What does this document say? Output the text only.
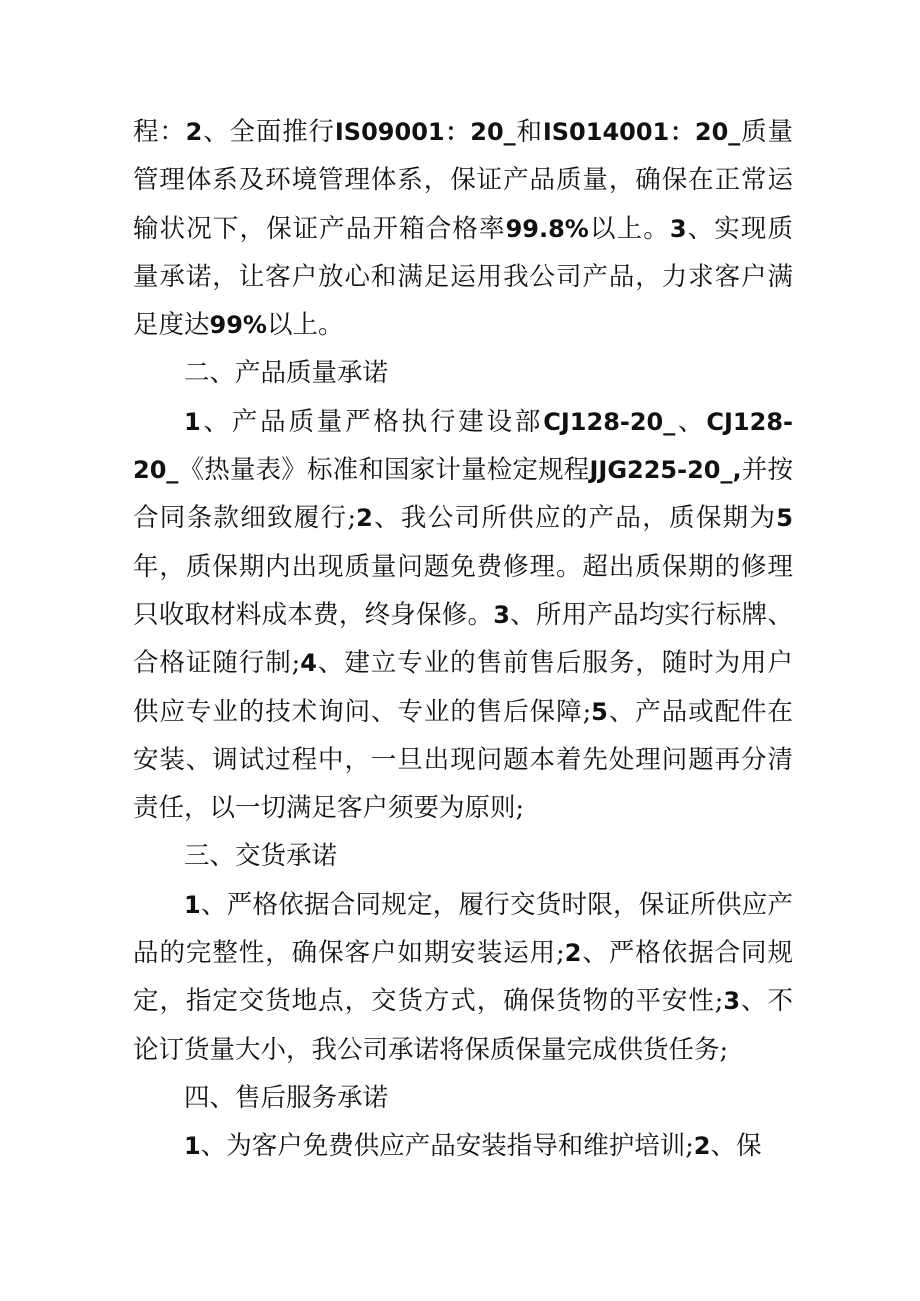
程：2、全面推行IS09001：20_和IS014001：20_质量管理体系及环境管理体系，保证产品质量，确保在正常运输状况下，保证产品开箱合格率99.8%以上。3、实现质量承诺，让客户放心和满足运用我公司产品，力求客户满足度达99%以上。

二、产品质量承诺

1、产品质量严格执行建设部CJ128-20_、CJ128-20_《热量表》标准和国家计量检定规程JJG225-20_,并按合同条款细致履行;2、我公司所供应的产品，质保期为5年，质保期内出现质量问题免费修理。超出质保期的修理只收取材料成本费，终身保修。3、所用产品均实行标牌、合格证随行制;4、建立专业的售前售后服务，随时为用户供应专业的技术询问、专业的售后保障;5、产品或配件在安装、调试过程中，一旦出现问题本着先处理问题再分清责任，以一切满足客户须要为原则;

三、交货承诺

1、严格依据合同规定，履行交货时限，保证所供应产品的完整性，确保客户如期安装运用;2、严格依据合同规定，指定交货地点，交货方式，确保货物的平安性;3、不论订货量大小，我公司承诺将保质保量完成供货任务;

四、售后服务承诺

1、为客户免费供应产品安装指导和维护培训;2、保
